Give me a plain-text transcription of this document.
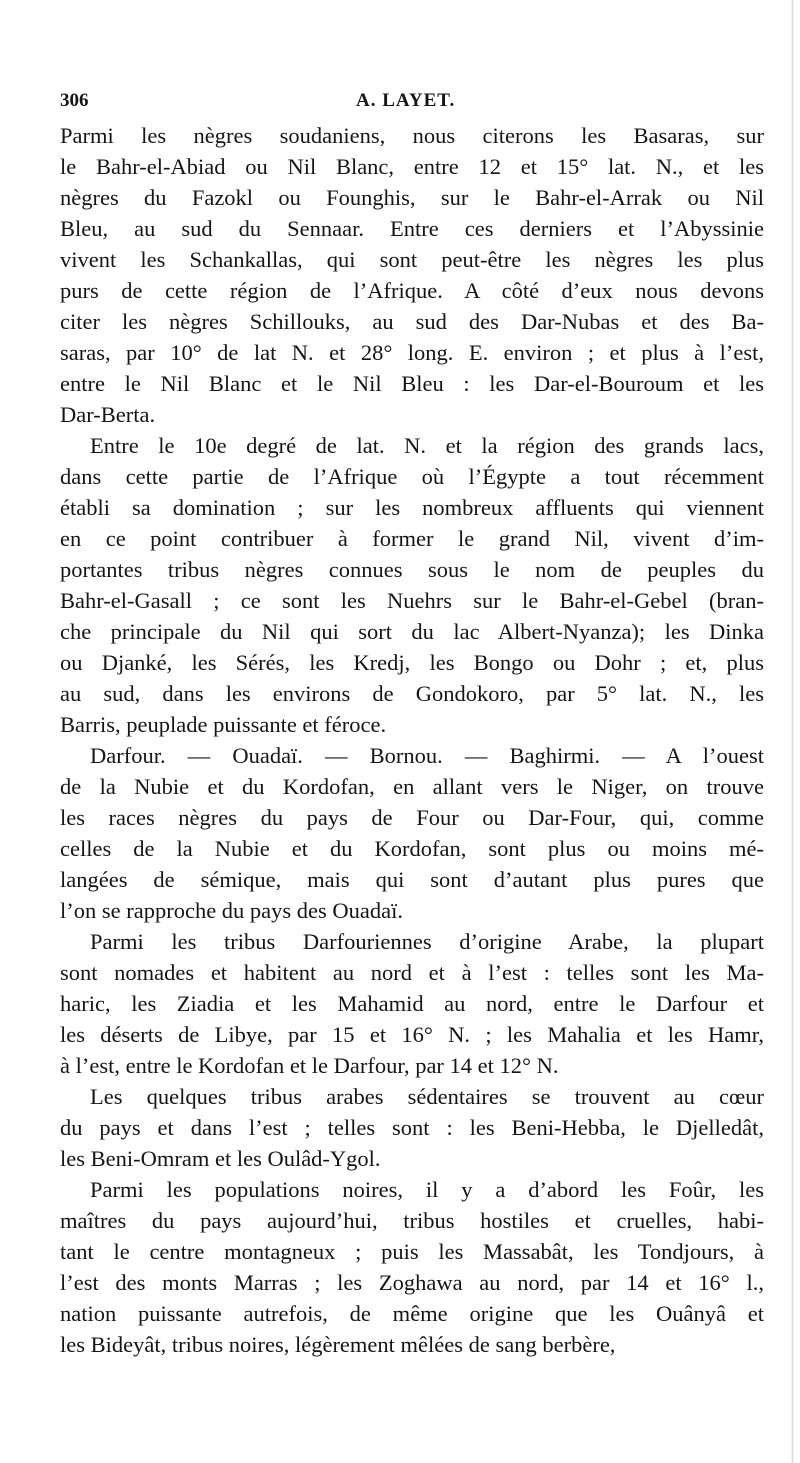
306	A. LAYET.
Parmi les nègres soudaniens, nous citerons les Basaras, sur
le Bahr-el-Abiad ou Nil Blanc, entre 12 et 15° lat. N., et les
nègres du Fazokl ou Founghis, sur le Bahr-el-Arrak ou Nil
Bleu, au sud du Sennaar. Entre ces derniers et l’Abyssinie
vivent les Schankallas, qui sont peut-être les nègres les plus
purs de cette région de l’Afrique. A côté d’eux nous devons
citer les nègres Schillouks, au sud des Dar-Nubas et des Ba-
saras, par 10° de lat N. et 28° long. E. environ ; et plus à l’est,
entre le Nil Blanc et le Nil Bleu : les Dar-el-Bouroum et les
Dar-Berta.
Entre le 10e degré de lat. N. et la région des grands lacs,
dans cette partie de l’Afrique où l’Égypte a tout récemment
établi sa domination ; sur les nombreux affluents qui viennent
en ce point contribuer à former le grand Nil, vivent d’im-
portantes tribus nègres connues sous le nom de peuples du
Bahr-el-Gasall ; ce sont les Nuehrs sur le Bahr-el-Gebel (bran-
che principale du Nil qui sort du lac Albert-Nyanza); les Dinka
ou Djanké, les Sérés, les Kredj, les Bongo ou Dohr ; et, plus
au sud, dans les environs de Gondokoro, par 5° lat. N., les
Barris, peuplade puissante et féroce.
Darfour. — Ouadaï. — Bornou. — Baghirmi. — A l’ouest
de la Nubie et du Kordofan, en allant vers le Niger, on trouve
les races nègres du pays de Four ou Dar-Four, qui, comme
celles de la Nubie et du Kordofan, sont plus ou moins mé-
langées de sémique, mais qui sont d’autant plus pures que
l’on se rapproche du pays des Ouadaï.
Parmi les tribus Darfouriennes d’origine Arabe, la plupart
sont nomades et habitent au nord et à l’est : telles sont les Ma-
haric, les Ziadia et les Mahamid au nord, entre le Darfour et
les déserts de Libye, par 15 et 16° N. ; les Mahalia et les Hamr,
à l’est, entre le Kordofan et le Darfour, par 14 et 12° N.
Les quelques tribus arabes sédentaires se trouvent au cœur
du pays et dans l’est ; telles sont : les Beni-Hebba, le Djelledât,
les Beni-Omram et les Oulâd-Ygol.
Parmi les populations noires, il y a d’abord les Foûr, les
maîtres du pays aujourd’hui, tribus hostiles et cruelles, habi-
tant le centre montagneux ; puis les Massabât, les Tondjours, à
l’est des monts Marras ; les Zoghawa au nord, par 14 et 16° l.,
nation puissante autrefois, de même origine que les Ouânyâ et
les Bideyât, tribus noires, légèrement mêlées de sang berbère,
